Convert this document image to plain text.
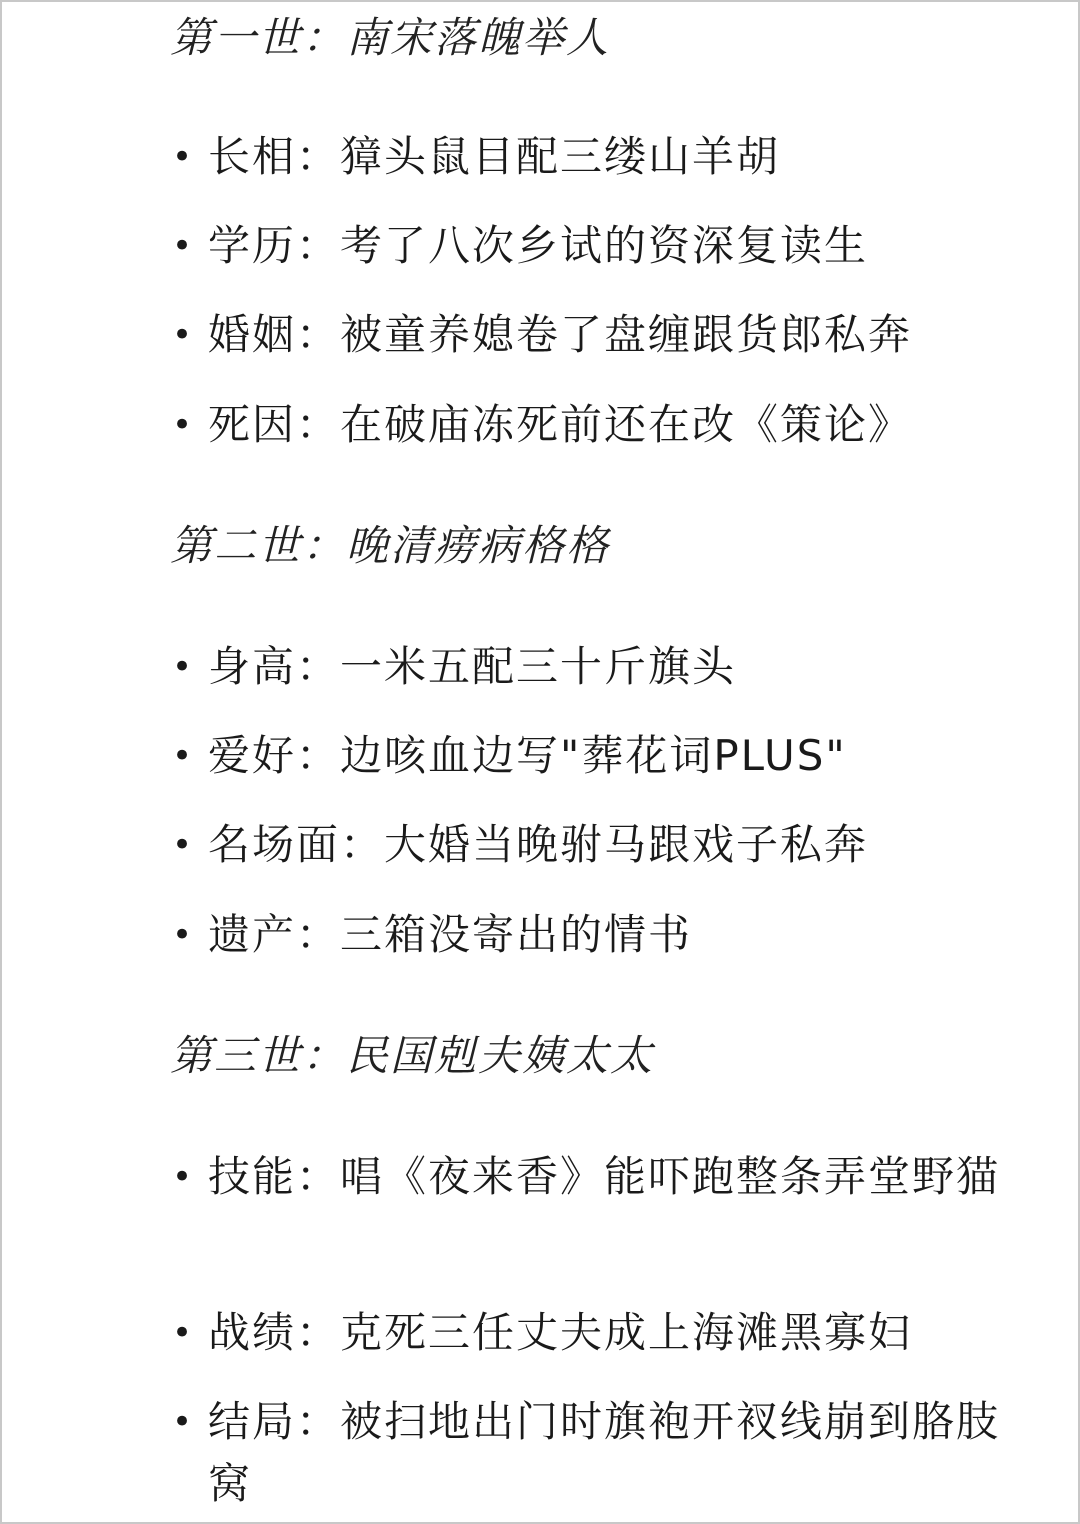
第一世：南宋落魄举人
• 长相：獐头鼠目配三缕山羊胡
• 学历：考了八次乡试的资深复读生
• 婚姻：被童养媳卷了盘缠跟货郎私奔
• 死因：在破庙冻死前还在改《策论》
第二世：晚清痨病格格
• 身高：一米五配三十斤旗头
• 爱好：边咳血边写"葬花词PLUS"
• 名场面：大婚当晚驸马跟戏子私奔
• 遗产：三箱没寄出的情书
第三世：民国剋夫姨太太
• 技能：唱《夜来香》能吓跑整条弄堂野猫
• 战绩：克死三任丈夫成上海滩黑寡妇
• 结局：被扫地出门时旗袍开衩线崩到胳肢窝
